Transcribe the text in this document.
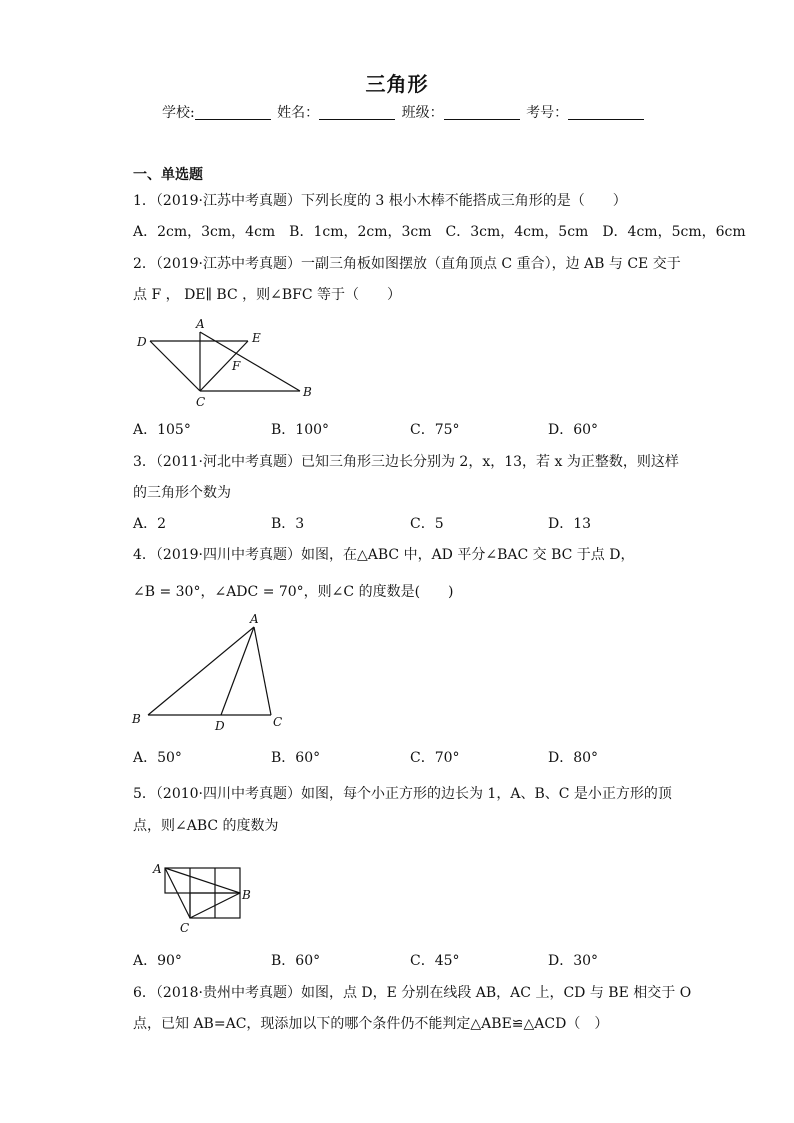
三角形
学校:	姓名：	班级：	考号：
一、单选题
1．（2019·江苏中考真题）下列长度的 3 根小木棒不能搭成三角形的是（　　）
A．2cm，3cm，4cm　B．1cm，2cm，3cm　C．3cm，4cm，5cm　D．4cm，5cm，6cm
2．（2019·江苏中考真题）一副三角板如图摆放（直角顶点 C 重合），边 AB 与 CE 交于
点 F ， DE∥ BC ，则∠BFC 等于（　　）
A
D	E
F
C
B
A．105°	B．100°	C．75°	D．60°
3．（2011·河北中考真题）已知三角形三边长分别为 2，x，13，若 x 为正整数，则这样
的三角形个数为
A．2	B．3	C．5	D．13
4．（2019·四川中考真题）如图，在△ABC 中，AD 平分∠BAC 交 BC 于点 D，
∠B = 30°，∠ADC = 70°，则∠C 的度数是(　　)
A
B	D	C
A．50°	B．60°	C．70°	D．80°
5．（2010·四川中考真题）如图，每个小正方形的边长为 1，A、B、C 是小正方形的顶
点，则∠ABC 的度数为
A
B
C
A．90°	B．60°	C．45°	D．30°
6．（2018·贵州中考真题）如图，点 D，E 分别在线段 AB，AC 上，CD 与 BE 相交于 O
点，已知 AB=AC，现添加以下的哪个条件仍不能判定△ABE≌△ACD（　）
